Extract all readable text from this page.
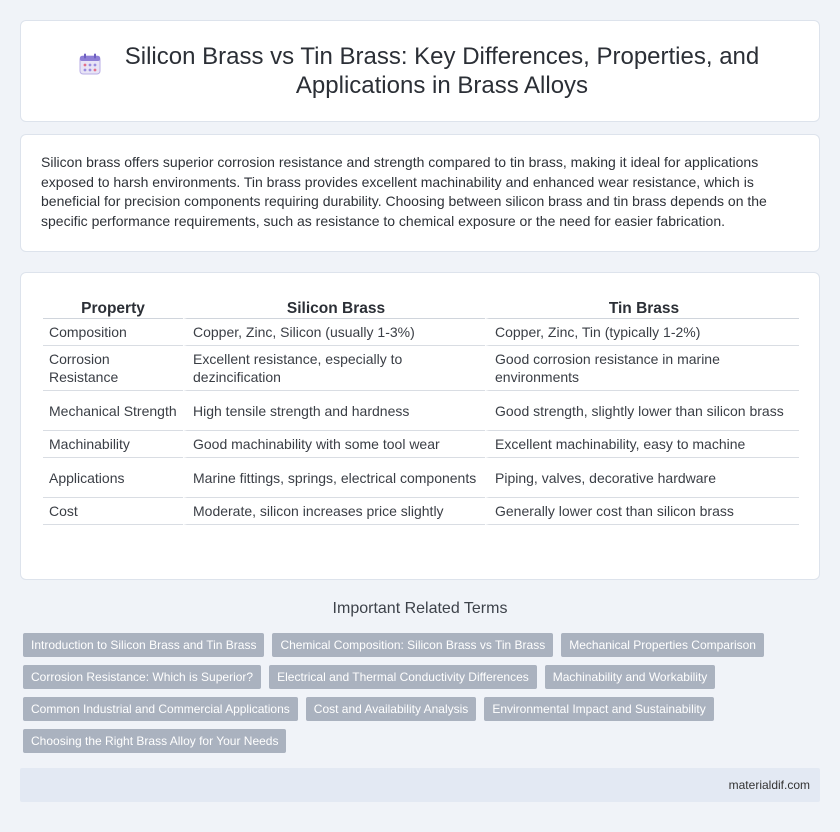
Silicon Brass vs Tin Brass: Key Differences, Properties, and Applications in Brass Alloys

Silicon brass offers superior corrosion resistance and strength compared to tin brass, making it ideal for applications exposed to harsh environments. Tin brass provides excellent machinability and enhanced wear resistance, which is beneficial for precision components requiring durability. Choosing between silicon brass and tin brass depends on the specific performance requirements, such as resistance to chemical exposure or the need for easier fabrication.

Property	Silicon Brass	Tin Brass
Composition	Copper, Zinc, Silicon (usually 1-3%)	Copper, Zinc, Tin (typically 1-2%)
Corrosion Resistance	Excellent resistance, especially to dezincification	Good corrosion resistance in marine environments
Mechanical Strength	High tensile strength and hardness	Good strength, slightly lower than silicon brass
Machinability	Good machinability with some tool wear	Excellent machinability, easy to machine
Applications	Marine fittings, springs, electrical components	Piping, valves, decorative hardware
Cost	Moderate, silicon increases price slightly	Generally lower cost than silicon brass
Important Related Terms
Introduction to Silicon Brass and Tin Brass	Chemical Composition: Silicon Brass vs Tin Brass	Mechanical Properties Comparison
Corrosion Resistance: Which is Superior?	Electrical and Thermal Conductivity Differences	Machinability and Workability
Common Industrial and Commercial Applications	Cost and Availability Analysis	Environmental Impact and Sustainability
Choosing the Right Brass Alloy for Your Needs
materialdif.com
